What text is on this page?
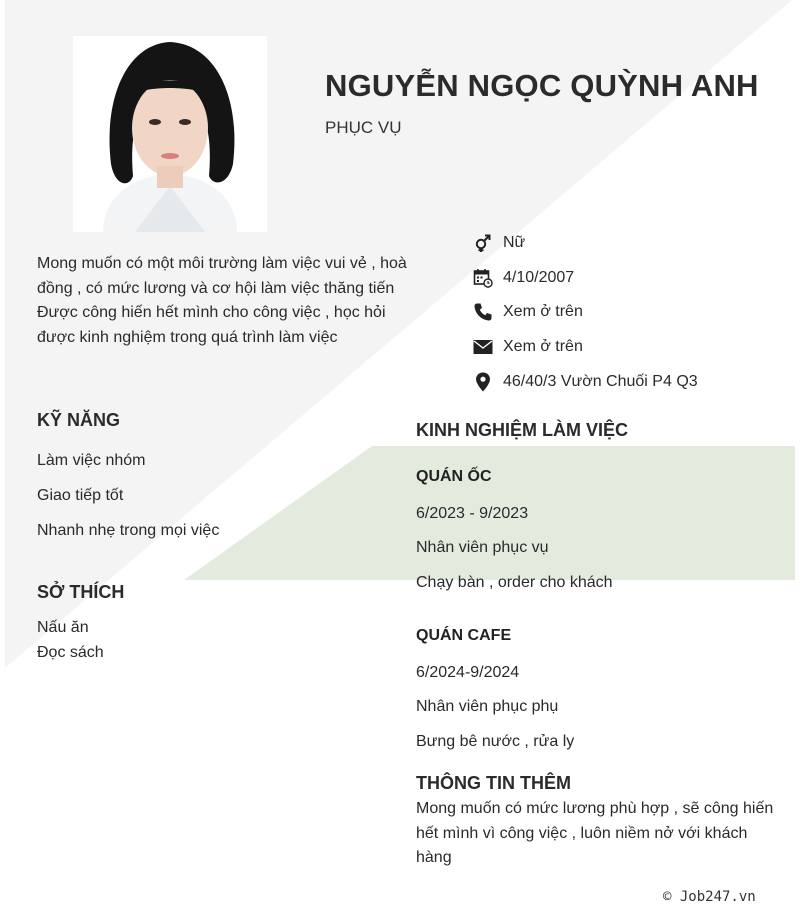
NGUYỄN NGỌC QUỲNH ANH
PHỤC VỤ

Mong muốn có một môi trường làm việc vui vẻ , hoà đồng , có mức lương và cơ hội làm việc thăng tiến

Được công hiến hết mình cho công việc , học hỏi được kinh nghiệm trong quá trình làm việc

Nữ
4/10/2007
Xem ở trên
Xem ở trên
46/40/3 Vườn Chuối P4 Q3
KỸ NĂNG
Làm việc nhóm
Giao tiếp tốt
Nhanh nhẹ trong mọi việc
SỞ THÍCH
Nấu ăn
Đọc sách
KINH NGHIỆM LÀM VIỆC
QUÁN ỐC
6/2023 - 9/2023
Nhân viên phục vụ
Chạy bàn , order cho khách
QUÁN CAFE
6/2024-9/2024
Nhân viên phục phụ
Bưng bê nước , rửa ly
THÔNG TIN THÊM
Mong muốn có mức lương phù hợp , sẽ công hiến hết mình vì công việc , luôn niềm nở với khách hàng
© Job247.vn
